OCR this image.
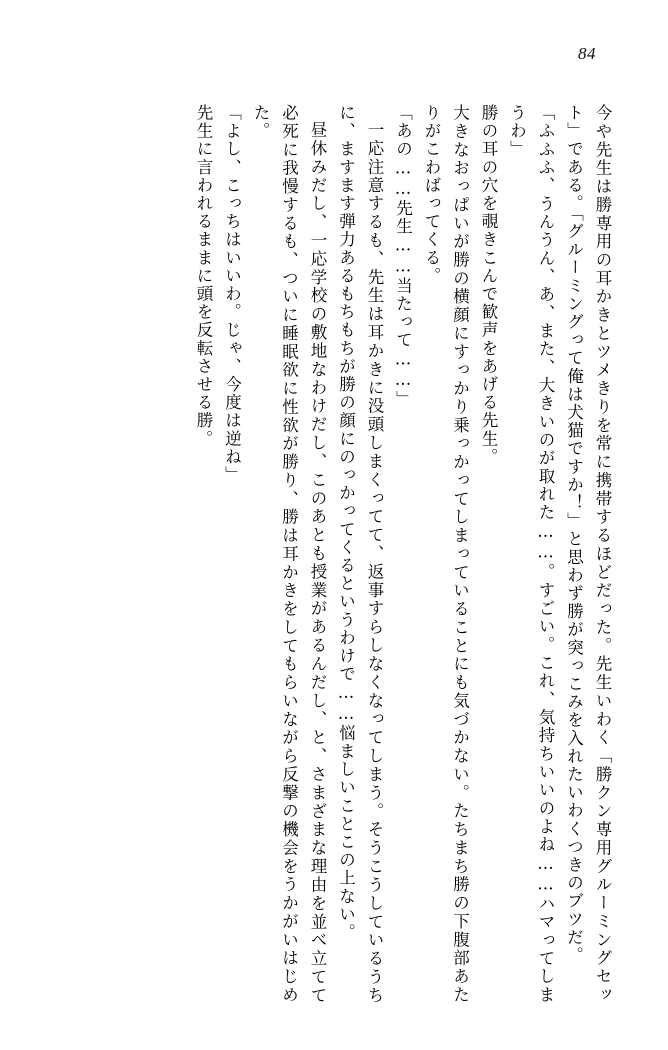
84
今や先生は勝専用の耳かきとツメきりを常に携帯するほどだった。先生いわく「勝クン専用グルーミングセット」である。「グルーミングって俺は犬猫ですか！」と思わず勝が突っこみを入れたいわくつきのブツだ。
「ふふふ、うんうん、あ、また、大きいのが取れた……。すごい。これ、気持ちいいのよね……ハマってしまうわ」
勝の耳の穴を覗きこんで歓声をあげる先生。
大きなおっぱいが勝の横顔にすっかり乗っかってしまっていることにも気づかない。たちまち勝の下腹部あたりがこわばってくる。
「あの……先生……当たって……」
一応注意するも、先生は耳かきに没頭しまくってて、返事すらしなくなってしまう。そうこうしているうちに、ますます弾力あるもちもちが勝の顔にのっかってくるというわけで……悩ましいことこの上ない。
昼休みだし、一応学校の敷地なわけだし、このあとも授業があるんだし、と、さまざまな理由を並べ立てて必死に我慢するも、ついに睡眠欲に性欲が勝り、勝は耳かきをしてもらいながら反撃の機会をうかがいはじめた。
「よし、こっちはいいわ。じゃ、今度は逆ね」
先生に言われるままに頭を反転させる勝。
